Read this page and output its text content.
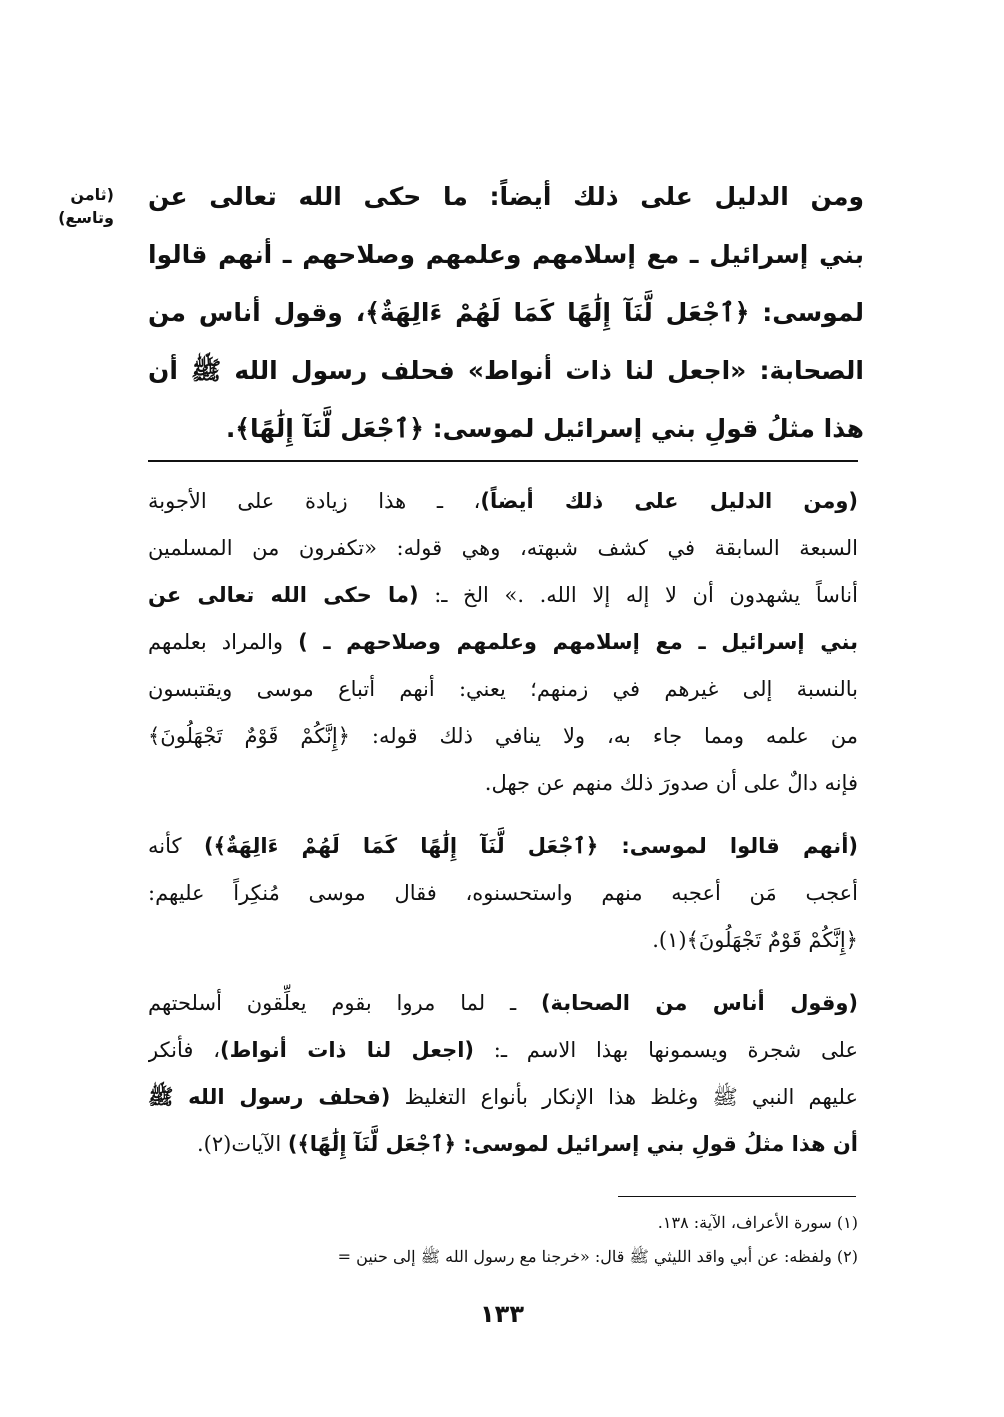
(ثامن
وتاسع)
ومن الدليل على ذلك أيضاً: ما حكى الله تعالى عن
بني إسرائيل ـ مع إسلامهم وعلمهم وصلاحهم ـ أنهم قالوا
لموسى: ﴿ٱجْعَل لَّنَآ إِلَٰهًا كَمَا لَهُمْ ءَالِهَةٌ﴾، وقول أناس من
الصحابة: «اجعل لنا ذات أنواط» فحلف رسول الله ﷺ أن
هذا مثلُ قولِ بني إسرائيل لموسى: ﴿ٱجْعَل لَّنَآ إِلَٰهًا﴾.
(ومن الدليل على ذلك أيضاً)، ـ هذا زيادة على الأجوبة
السبعة السابقة في كشف شبهته، وهي قوله: «تكفرون من المسلمين
أناساً يشهدون أن لا إله إلا الله. .» الخ ـ: (ما حكى الله تعالى عن
بني إسرائيل ـ مع إسلامهم وعلمهم وصلاحهم ـ ) والمراد بعلمهم
بالنسبة إلى غيرهم في زمنهم؛ يعني: أنهم أتباع موسى ويقتبسون
من علمه ومما جاء به، ولا ينافي ذلك قوله: ﴿إِنَّكُمْ قَوْمٌ تَجْهَلُونَ﴾
فإنه دالٌ على أن صدورَ ذلك منهم عن جهل.
(أنهم قالوا لموسى: ﴿ٱجْعَل لَّنَآ إِلَٰهًا كَمَا لَهُمْ ءَالِهَةٌ﴾) كأنه
أعجب مَن أعجبه منهم واستحسنوه، فقال موسى مُنكِراً عليهم:
﴿إِنَّكُمْ قَوْمٌ تَجْهَلُونَ﴾(١).
(وقول أناس من الصحابة) ـ لما مروا بقوم يعلِّقون أسلحتهم
على شجرة ويسمونها بهذا الاسم ـ: (اجعل لنا ذات أنواط)، فأنكر
عليهم النبي ﷺ وغلظ هذا الإنكار بأنواع التغليظ (فحلف رسول الله ﷺ
أن هذا مثلُ قولِ بني إسرائيل لموسى: ﴿ٱجْعَل لَّنَآ إِلَٰهًا﴾) الآيات(٢).
(١) سورة الأعراف، الآية: ١٣٨.
(٢) ولفظه: عن أبي واقد الليثي ﷺ قال: «خرجنا مع رسول الله ﷺ إلى حنين =
١٣٣
